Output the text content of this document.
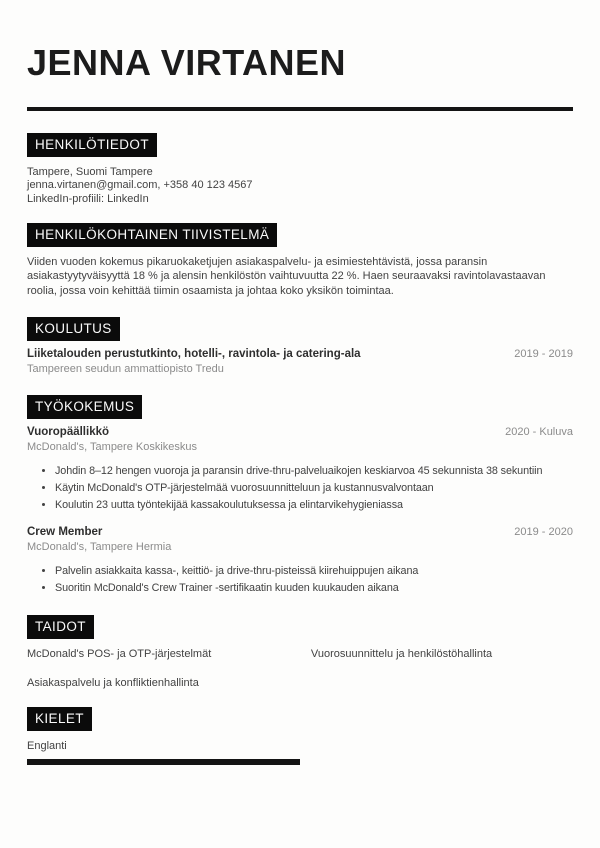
JENNA VIRTANEN
HENKILÖTIEDOT
Tampere, Suomi Tampere
jenna.virtanen@gmail.com, +358 40 123 4567
LinkedIn-profiili: LinkedIn
HENKILÖKOHTAINEN TIIVISTELMÄ

Viiden vuoden kokemus pikaruokaketjujen asiakaspalvelu- ja esimiestehtävistä, jossa paransin asiakastyytyväisyyttä 18 % ja alensin henkilöstön vaihtuvuutta 22 %. Haen seuraavaksi ravintolavastaavan roolia, jossa voin kehittää tiimin osaamista ja johtaa koko yksikön toimintaa.

KOULUTUS
Liiketalouden perustutkinto, hotelli-, ravintola- ja catering-ala	2019 - 2019
Tampereen seudun ammattiopisto Tredu
TYÖKOKEMUS
Vuoropäällikkö	2020 - Kuluva
McDonald's, Tampere Koskikeskus
• Johdin 8–12 hengen vuoroja ja paransin drive-thru-palveluaikojen keskiarvoa 45 sekunnista 38 sekuntiin
• Käytin McDonald's OTP-järjestelmää vuorosuunnitteluun ja kustannusvalvontaan
• Koulutin 23 uutta työntekijää kassakoulutuksessa ja elintarvikehygieniassa
Crew Member	2019 - 2020
McDonald's, Tampere Hermia
• Palvelin asiakkaita kassa-, keittiö- ja drive-thru-pisteissä kiirehuippujen aikana
• Suoritin McDonald's Crew Trainer -sertifikaatin kuuden kuukauden aikana
TAIDOT
McDonald's POS- ja OTP-järjestelmät	Vuorosuunnittelu ja henkilöstöhallinta
Asiakaspalvelu ja konfliktienhallinta
KIELET
Englanti
